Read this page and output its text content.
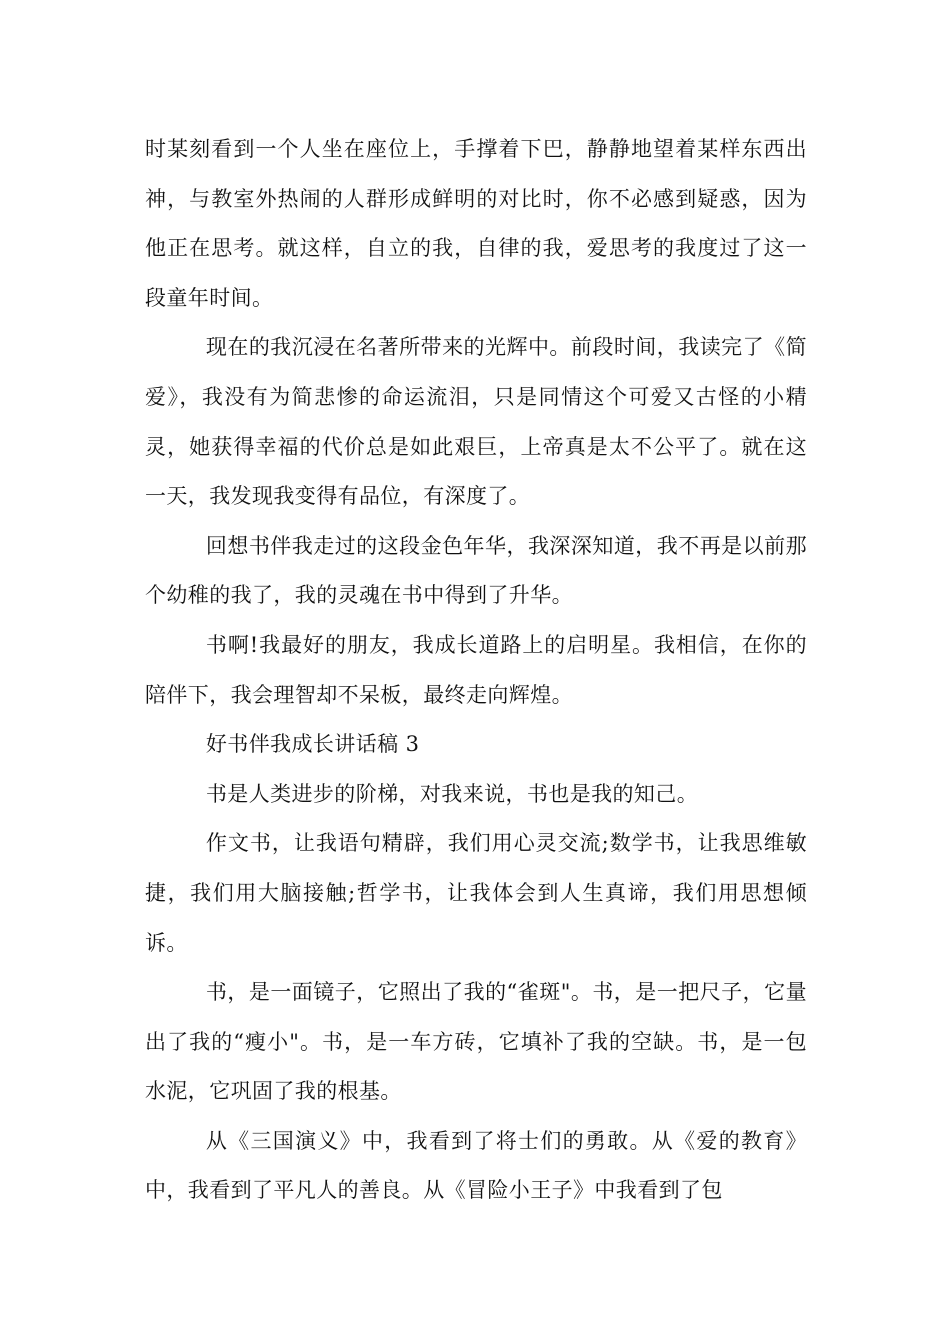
时某刻看到一个人坐在座位上，手撑着下巴，静静地望着某样东西出神，与教室外热闹的人群形成鲜明的对比时，你不必感到疑惑，因为他正在思考。就这样，自立的我，自律的我，爱思考的我度过了这一段童年时间。

现在的我沉浸在名著所带来的光辉中。前段时间，我读完了《简爱》，我没有为简悲惨的命运流泪，只是同情这个可爱又古怪的小精灵，她获得幸福的代价总是如此艰巨，上帝真是太不公平了。就在这一天，我发现我变得有品位，有深度了。

回想书伴我走过的这段金色年华，我深深知道，我不再是以前那个幼稚的我了，我的灵魂在书中得到了升华。

书啊!我最好的朋友，我成长道路上的启明星。我相信，在你的陪伴下，我会理智却不呆板，最终走向辉煌。

好书伴我成长讲话稿 3

书是人类进步的阶梯，对我来说，书也是我的知己。

作文书，让我语句精辟，我们用心灵交流;数学书，让我思维敏捷，我们用大脑接触;哲学书，让我体会到人生真谛，我们用思想倾诉。

书，是一面镜子，它照出了我的“雀斑"。书，是一把尺子，它量出了我的“瘦小"。书，是一车方砖，它填补了我的空缺。书，是一包水泥，它巩固了我的根基。

从《三国演义》中，我看到了将士们的勇敢。从《爱的教育》中，我看到了平凡人的善良。从《冒险小王子》中我看到了包
